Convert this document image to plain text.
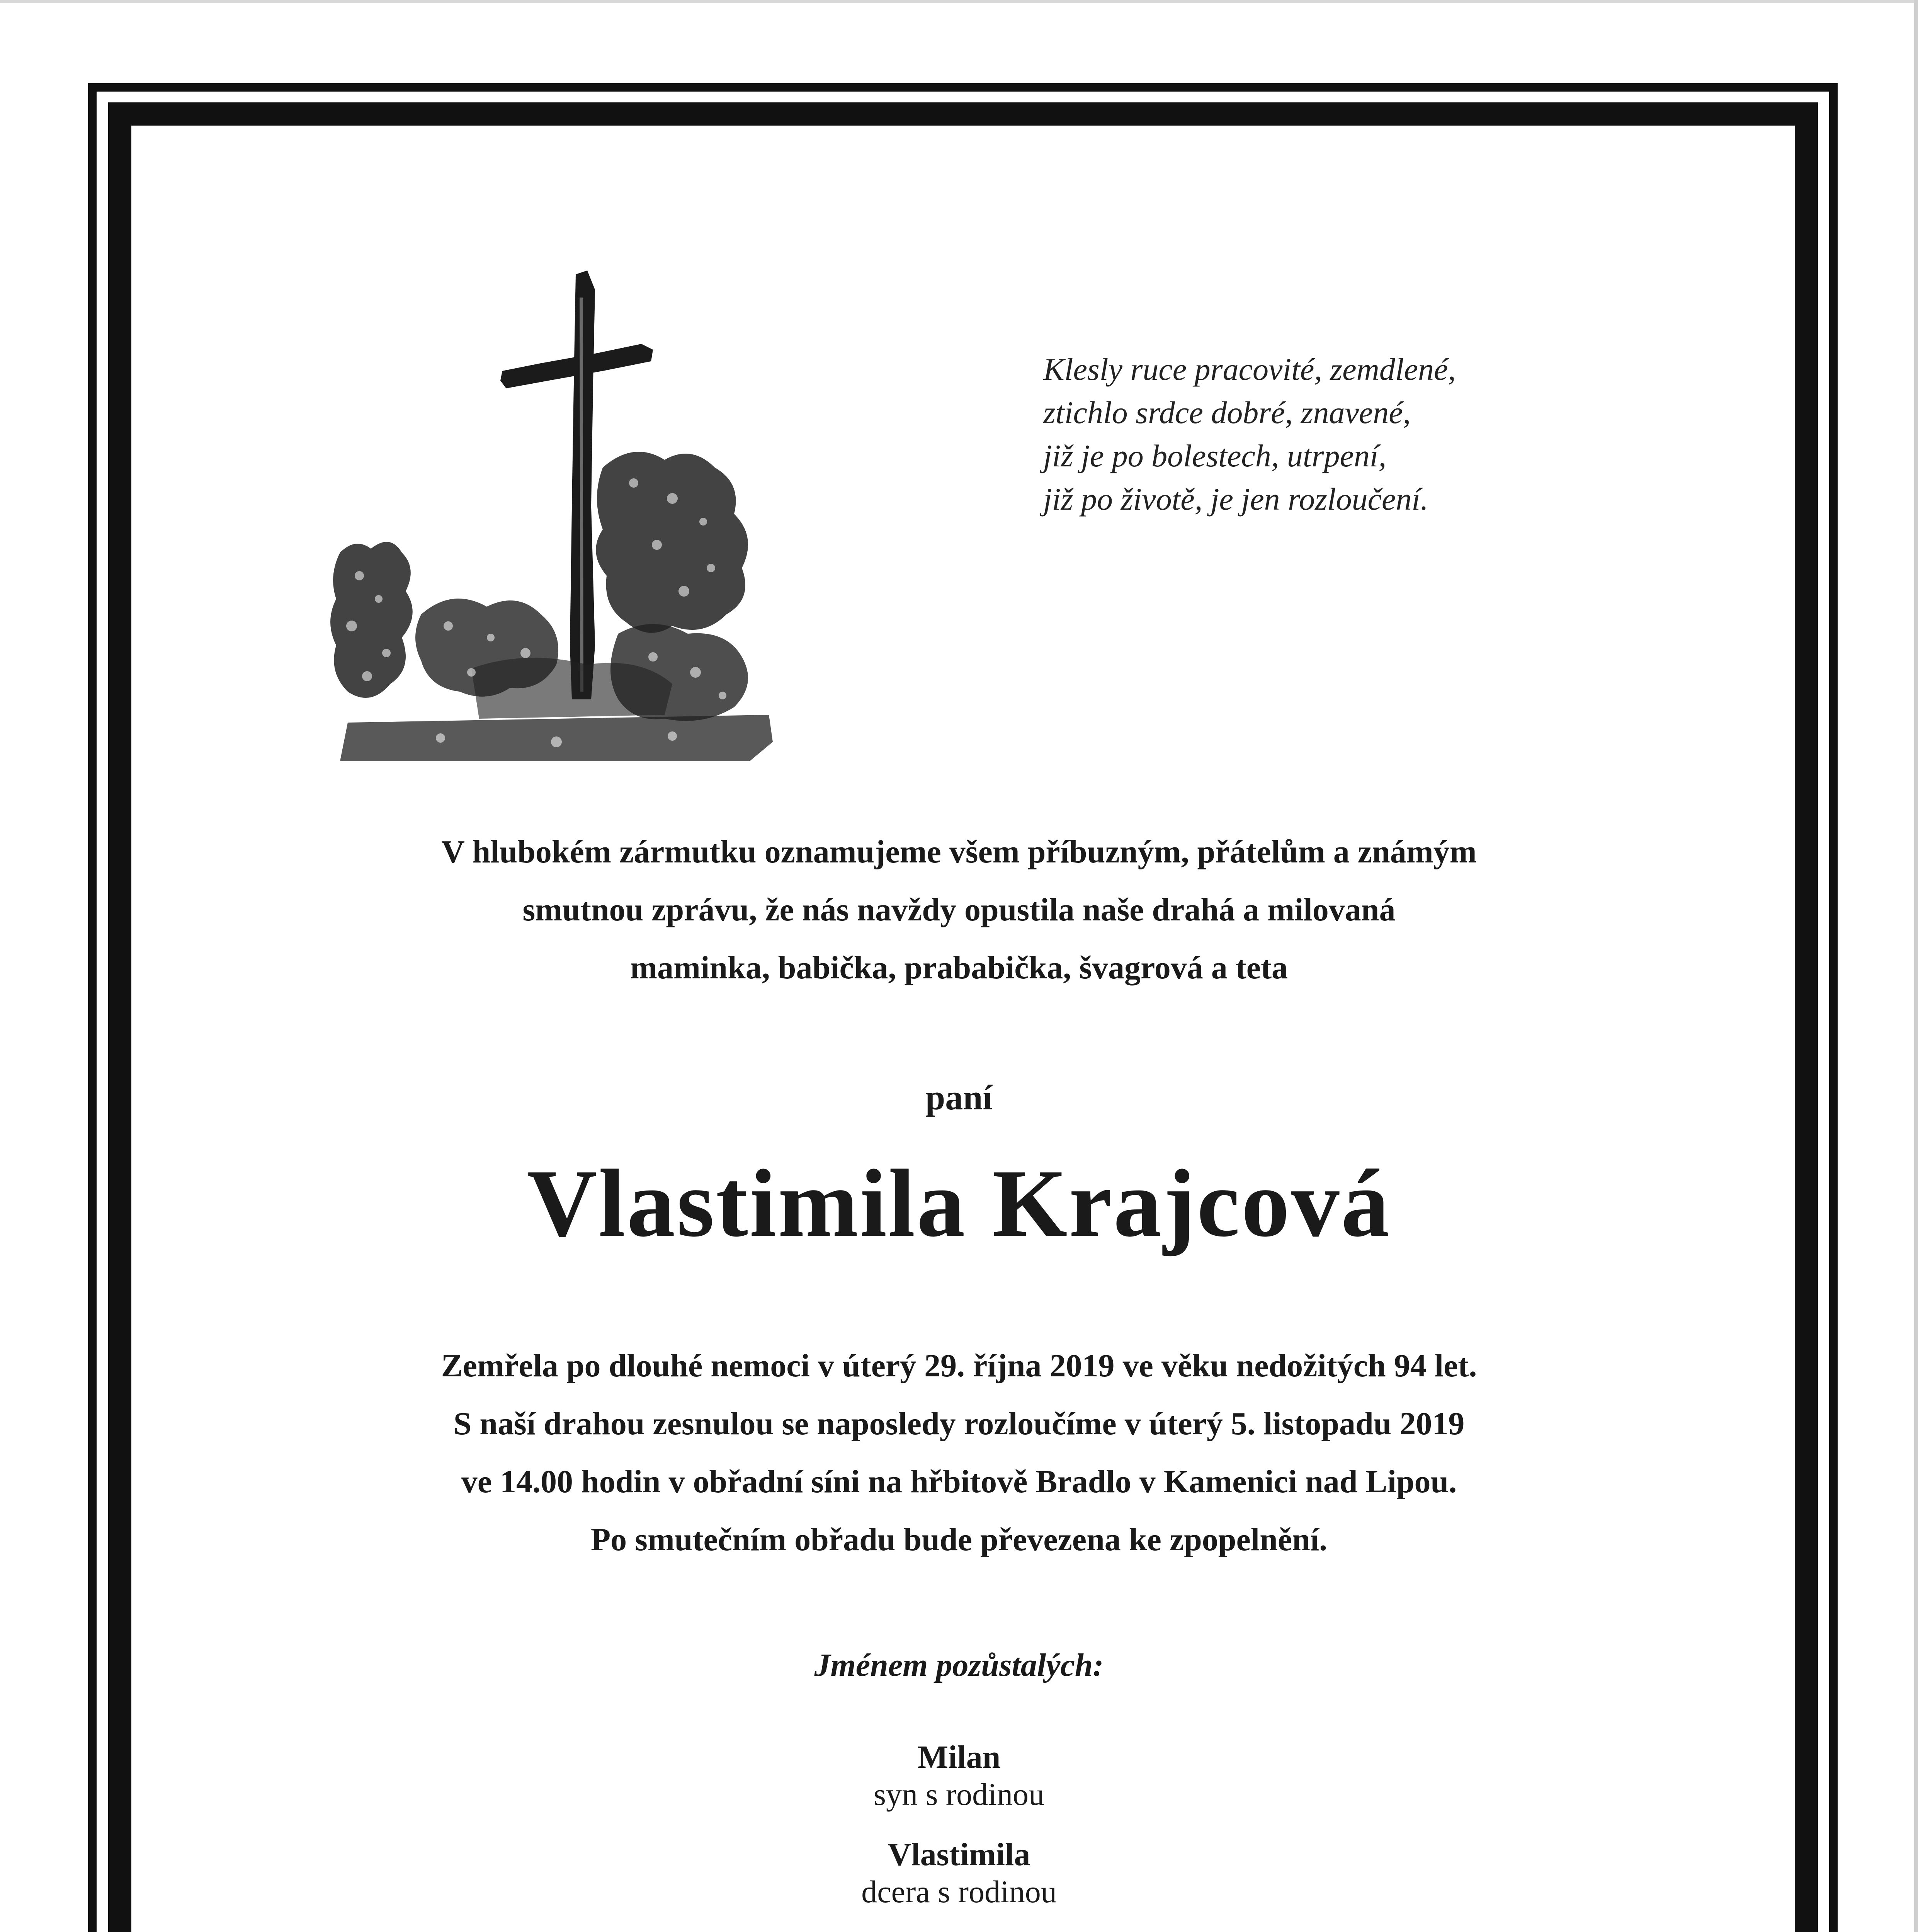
Klesly ruce pracovité, zemdlené,
ztichlo srdce dobré, znavené,
již je po bolestech, utrpení,
již po životě, je jen rozloučení.
V hlubokém zármutku oznamujeme všem příbuzným, přátelům a známým
smutnou zprávu, že nás navždy opustila naše drahá a milovaná
maminka, babička, prababička, švagrová a teta
paní
Vlastimila Krajcová
Zemřela po dlouhé nemoci v úterý 29. října 2019 ve věku nedožitých 94 let.
S naší drahou zesnulou se naposledy rozloučíme v úterý 5. listopadu 2019
ve 14.00 hodin v obřadní síni na hřbitově Bradlo v Kamenici nad Lipou.
Po smutečním obřadu bude převezena ke zpopelnění.
Jménem pozůstalých:
Milan
syn s rodinou
Vlastimila
dcera s rodinou
